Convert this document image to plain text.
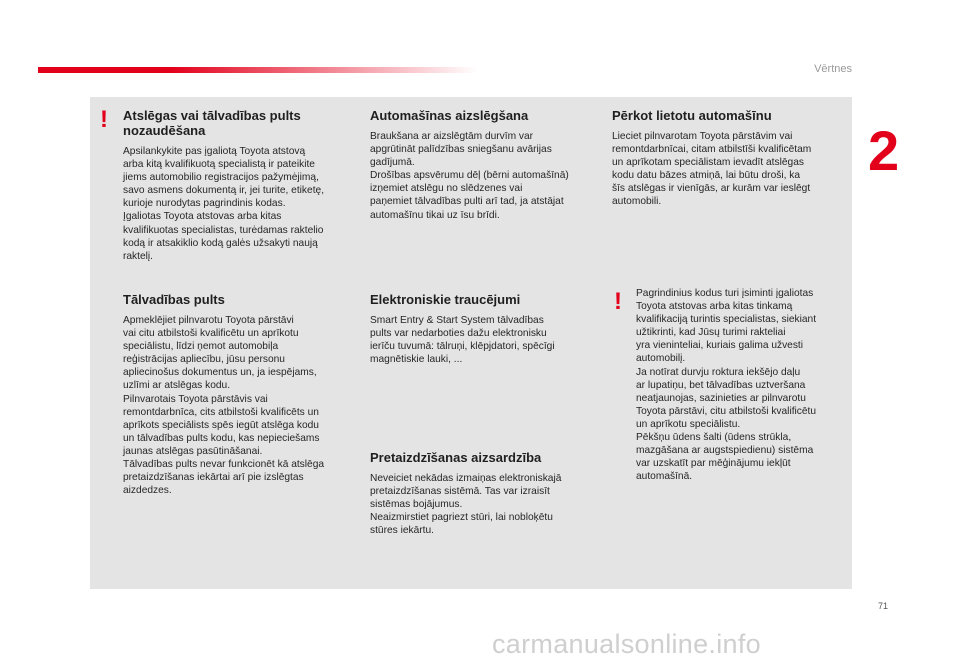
Vērtnes
2
! Atslēgas vai tālvadības pults nozaudēšana

Apsilankykite pas įgaliotą Toyota atstovą
arba kitą kvalifikuotą specialistą ir pateikite
jiems automobilio registracijos pažymėjimą,
savo asmens dokumentą ir, jei turite, etiketę,
kurioje nurodytas pagrindinis kodas.
Įgaliotas Toyota atstovas arba kitas
kvalifikuotas specialistas, turėdamas raktelio
kodą ir atsakiklio kodą galės užsakyti naują
raktelį.

Tālvadības pults

Apmeklējiet pilnvarotu Toyota pārstāvi
vai citu atbilstoši kvalificētu un aprīkotu
speciālistu, līdzi ņemot automobiļa
reģistrācijas apliecību, jūsu personu
apliecinošus dokumentus un, ja iespējams,
uzlīmi ar atslēgas kodu.
Pilnvarotais Toyota pārstāvis vai
remontdarbnīca, cits atbilstoši kvalificēts un
aprīkots speciālists spēs iegūt atslēga kodu
un tālvadības pults kodu, kas nepieciešams
jaunas atslēgas pasūtināšanai.
Tālvadības pults nevar funkcionēt kā atslēga
pretaizdzīšanas iekārtai arī pie izslēgtas
aizdedzes.

Automašīnas aizslēgšana

Braukšana ar aizslēgtām durvīm var
apgrūtināt palīdzības sniegšanu avārijas
gadījumā.
Drošības apsvērumu dēļ (bērni automašīnā)
izņemiet atslēgu no slēdzenes vai
paņemiet tālvadības pulti arī tad, ja atstājat
automašīnu tikai uz īsu brīdi.

Elektroniskie traucējumi

Smart Entry & Start System tālvadības
pults var nedarboties dažu elektronisku
ierīču tuvumā: tālruņi, klēpjdatori, spēcīgi
magnētiskie lauki, ...

Pretaizdzīšanas aizsardzība

Neveiciet nekādas izmaiņas elektroniskajā
pretaizdzīšanas sistēmā. Tas var izraisīt
sistēmas bojājumus.
Neaizmirstiet pagriezt stūri, lai nobloķētu
stūres iekārtu.

Pērkot lietotu automašīnu

Lieciet pilnvarotam Toyota pārstāvim vai
remontdarbnīcai, citam atbilstīši kvalificētam
un aprīkotam speciālistam ievadīt atslēgas
kodu datu bāzes atmiņā, lai būtu droši, ka
šīs atslēgas ir vienīgās, ar kurām var ieslēgt
automobili.

! Pagrindinius kodus turi įsiminti įgaliotas
Toyota atstovas arba kitas tinkamą
kvalifikaciją turintis specialistas, siekiant
užtikrinti, kad Jūsų turimi rakteliai
yra vieninteliai, kuriais galima užvesti
automobilį.
Ja notīrat durvju roktura iekšējo daļu
ar lupatiņu, bet tālvadības uztveršana
neatjaunojas, sazinieties ar pilnvarotu
Toyota pārstāvi, citu atbilstoši kvalificētu
un aprīkotu speciālistu.
Pēkšņu ūdens šalti (ūdens strūkla,
mazgāšana ar augstspiedienu) sistēma
var uzskatīt par mēģinājumu iekļūt
automašīnā.

71
carmanualsonline.info
